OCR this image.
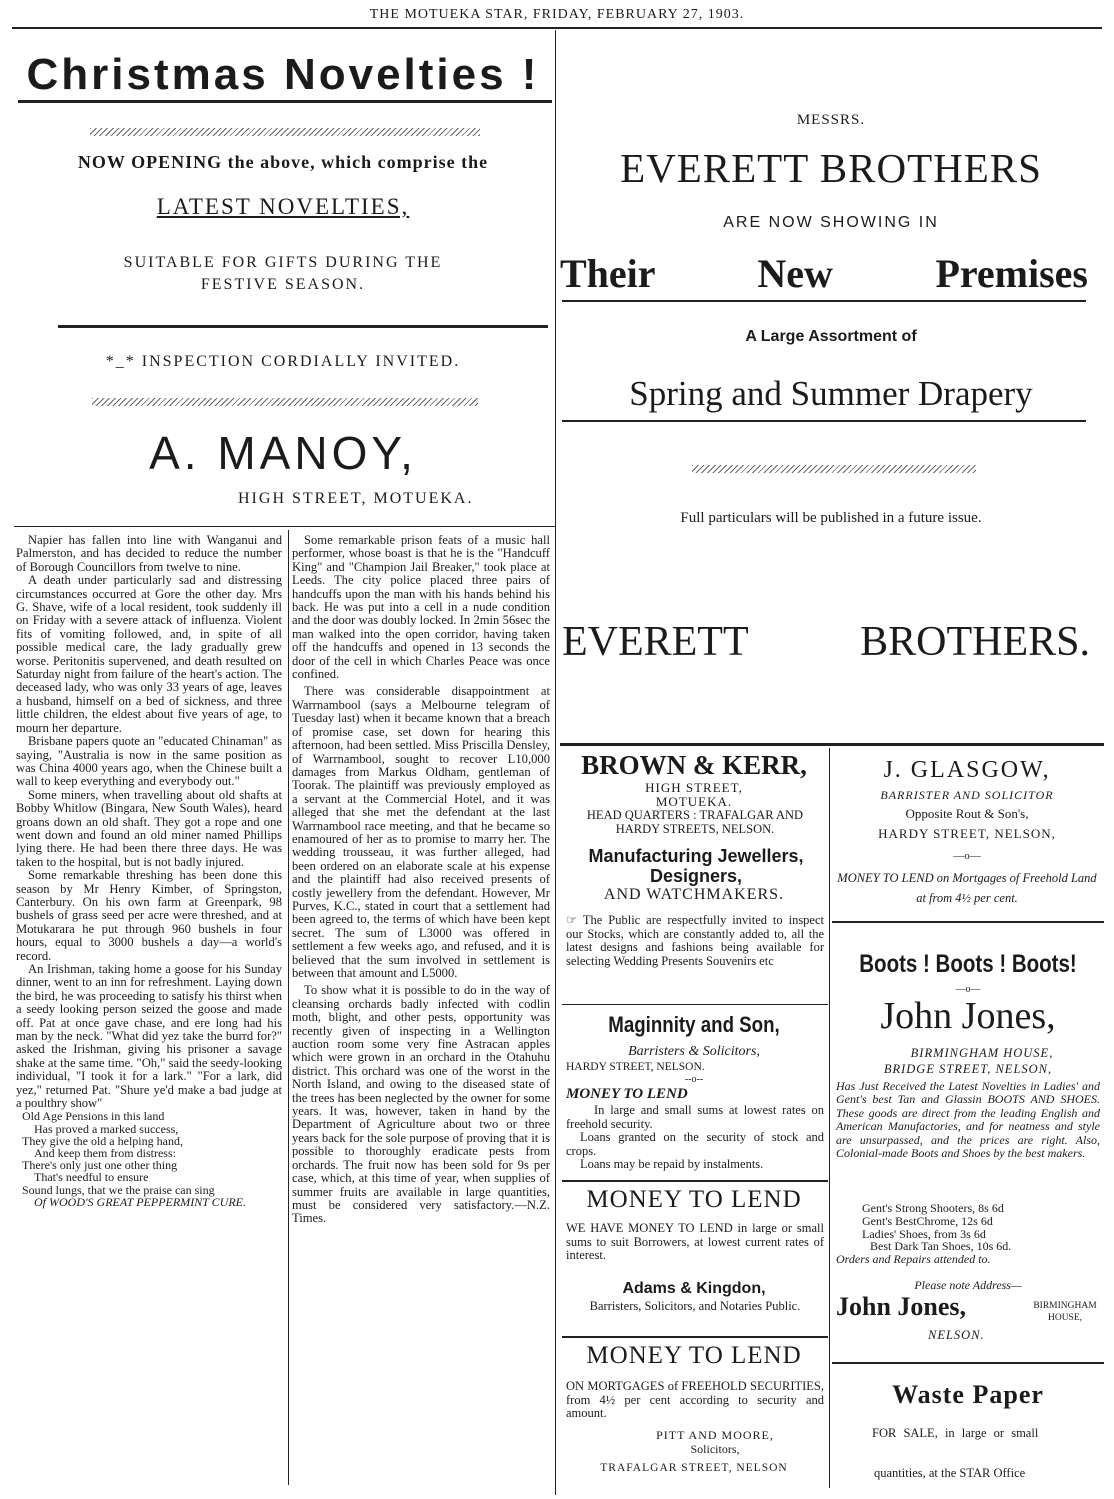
THE MOTUEKA STAR, FRIDAY, FEBRUARY 27, 1903.
Christmas Novelties !
NOW OPENING the above, which comprise the
LATEST NOVELTIES,
SUITABLE FOR GIFTS DURING THE FESTIVE SEASON.
*_* INSPECTION CORDIALLY INVITED.
A. MANOY,
HIGH STREET, MOTUEKA.
MESSRS.
EVERETT BROTHERS
ARE NOW SHOWING IN
Their New Premises
A Large Assortment of
Spring and Summer Drapery
Full particulars will be published in a future issue.
EVERETT BROTHERS.

Napier has fallen into line with Wanganui and Palmerston, and has decided to reduce the number of Borough Councillors from twelve to nine.

A death under particularly sad and distressing circumstances occurred at Gore the other day. Mrs G. Shave, wife of a local resident, took suddenly ill on Friday with a severe attack of influenza. Violent fits of vomiting followed, and, in spite of all possible medical care, the lady gradually grew worse. Peritonitis supervened, and death resulted on Saturday night from failure of the heart's action. The deceased lady, who was only 33 years of age, leaves a husband, himself on a bed of sickness, and three little children, the eldest about five years of age, to mourn her departure.

Brisbane papers quote an "educated Chinaman" as saying, "Australia is now in the same position as was China 4000 years ago, when the Chinese built a wall to keep everything and everybody out."

Some miners, when travelling about old shafts at Bobby Whitlow (Bingara, New South Wales), heard groans down an old shaft. They got a rope and one went down and found an old miner named Phillips lying there. He had been there three days. He was taken to the hospital, but is not badly injured.

Some remarkable threshing has been done this season by Mr Henry Kimber, of Springston, Canterbury. On his own farm at Greenpark, 98 bushels of grass seed per acre were threshed, and at Motukarara he put through 960 bushels in four hours, equal to 3000 bushels a day—a world's record.

An Irishman, taking home a goose for his Sunday dinner, went to an inn for refreshment. Laying down the bird, he was proceeding to satisfy his thirst when a seedy looking person seized the goose and made off. Pat at once gave chase, and ere long had his man by the neck. "What did yez take the burrd for?" asked the Irishman, giving his prisoner a savage shake at the same time. "Oh," said the seedy-looking individual, "I took it for a lark." "For a lark, did yez," returned Pat. "Shure ye'd make a bad judge at a poulthry show"

Old Age Pensions in this land

Has proved a marked success,

They give the old a helping hand,

And keep them from distress:

There's only just one other thing

That's needful to ensure

Sound lungs, that we the praise can sing

Of WOOD'S GREAT PEPPERMINT CURE.

Some remarkable prison feats of a music hall performer, whose boast is that he is the "Handcuff King" and "Champion Jail Breaker," took place at Leeds. The city police placed three pairs of handcuffs upon the man with his hands behind his back. He was put into a cell in a nude condition and the door was doubly locked. In 2min 56sec the man walked into the open corridor, having taken off the handcuffs and opened in 13 seconds the door of the cell in which Charles Peace was once confined.

There was considerable disappointment at Warrnambool (says a Melbourne telegram of Tuesday last) when it became known that a breach of promise case, set down for hearing this afternoon, had been settled. Miss Priscilla Densley, of Warrnambool, sought to recover L10,000 damages from Markus Oldham, gentleman of Toorak. The plaintiff was previously employed as a servant at the Commercial Hotel, and it was alleged that she met the defendant at the last Warrnambool race meeting, and that he became so enamoured of her as to promise to marry her. The wedding trousseau, it was further alleged, had been ordered on an elaborate scale at his expense and the plaintiff had also received presents of costly jewellery from the defendant. However, Mr Purves, K.C., stated in court that a settlement had been agreed to, the terms of which have been kept secret. The sum of L3000 was offered in settlement a few weeks ago, and refused, and it is believed that the sum involved in settlement is between that amount and L5000.

To show what it is possible to do in the way of cleansing orchards badly infected with codlin moth, blight, and other pests, opportunity was recently given of inspecting in a Wellington auction room some very fine Astracan apples which were grown in an orchard in the Otahuhu district. This orchard was one of the worst in the North Island, and owing to the diseased state of the trees has been neglected by the owner for some years. It was, however, taken in hand by the Department of Agriculture about two or three years back for the sole purpose of proving that it is possible to thoroughly eradicate pests from orchards. The fruit now has been sold for 9s per case, which, at this time of year, when supplies of summer fruits are available in large quantities, must be considered very satisfactory.—N.Z. Times.

BROWN & KERR,
HIGH STREET,
MOTUEKA.
HEAD QUARTERS : TRAFALGAR AND HARDY STREETS, NELSON.
Manufacturing Jewellers, Designers,
AND WATCHMAKERS.
☞ The Public are respectfully invited to inspect our Stocks, which are constantly added to, all the latest designs and fashions being available for selecting Wedding Presents Souvenirs etc
Maginnity and Son,
Barristers & Solicitors,
HARDY STREET, NELSON.
--o--
MONEY TO LEND
In large and small sums at lowest rates on freehold security.
Loans granted on the security of stock and crops.
Loans may be repaid by instalments.
MONEY TO LEND
WE HAVE MONEY TO LEND in large or small sums to suit Borrowers, at lowest current rates of interest.
Adams & Kingdon,
Barristers, Solicitors, and Notaries Public.
MONEY TO LEND
ON MORTGAGES of FREEHOLD SECURITIES, from 4½ per cent according to security and amount.
PITT AND MOORE,
Solicitors,
TRAFALGAR STREET, NELSON
J. GLASGOW,
BARRISTER AND SOLICITOR
Opposite Rout & Son's,
HARDY STREET, NELSON,
—o—
MONEY TO LEND on Mortgages of Freehold Land at from 4½ per cent.
Boots ! Boots ! Boots!
—o—
John Jones,
BIRMINGHAM HOUSE,
BRIDGE STREET, NELSON,
Has Just Received the Latest Novelties in Ladies' and Gent's best Tan and Glassin BOOTS AND SHOES. These goods are direct from the leading English and American Manufactories, and for neatness and style are unsurpassed, and the prices are right. Also, Colonial-made Boots and Shoes by the best makers.
Gent's Strong Shooters, 8s 6d
Gent's BestChrome, 12s 6d
Ladies' Shoes, from 3s 6d
Best Dark Tan Shoes, 10s 6d.
Orders and Repairs attended to.
Please note Address—
John Jones,	BIRMINGHAM HOUSE,
NELSON.
Waste Paper
FOR SALE, in large or small
quantities, at the STAR Office
